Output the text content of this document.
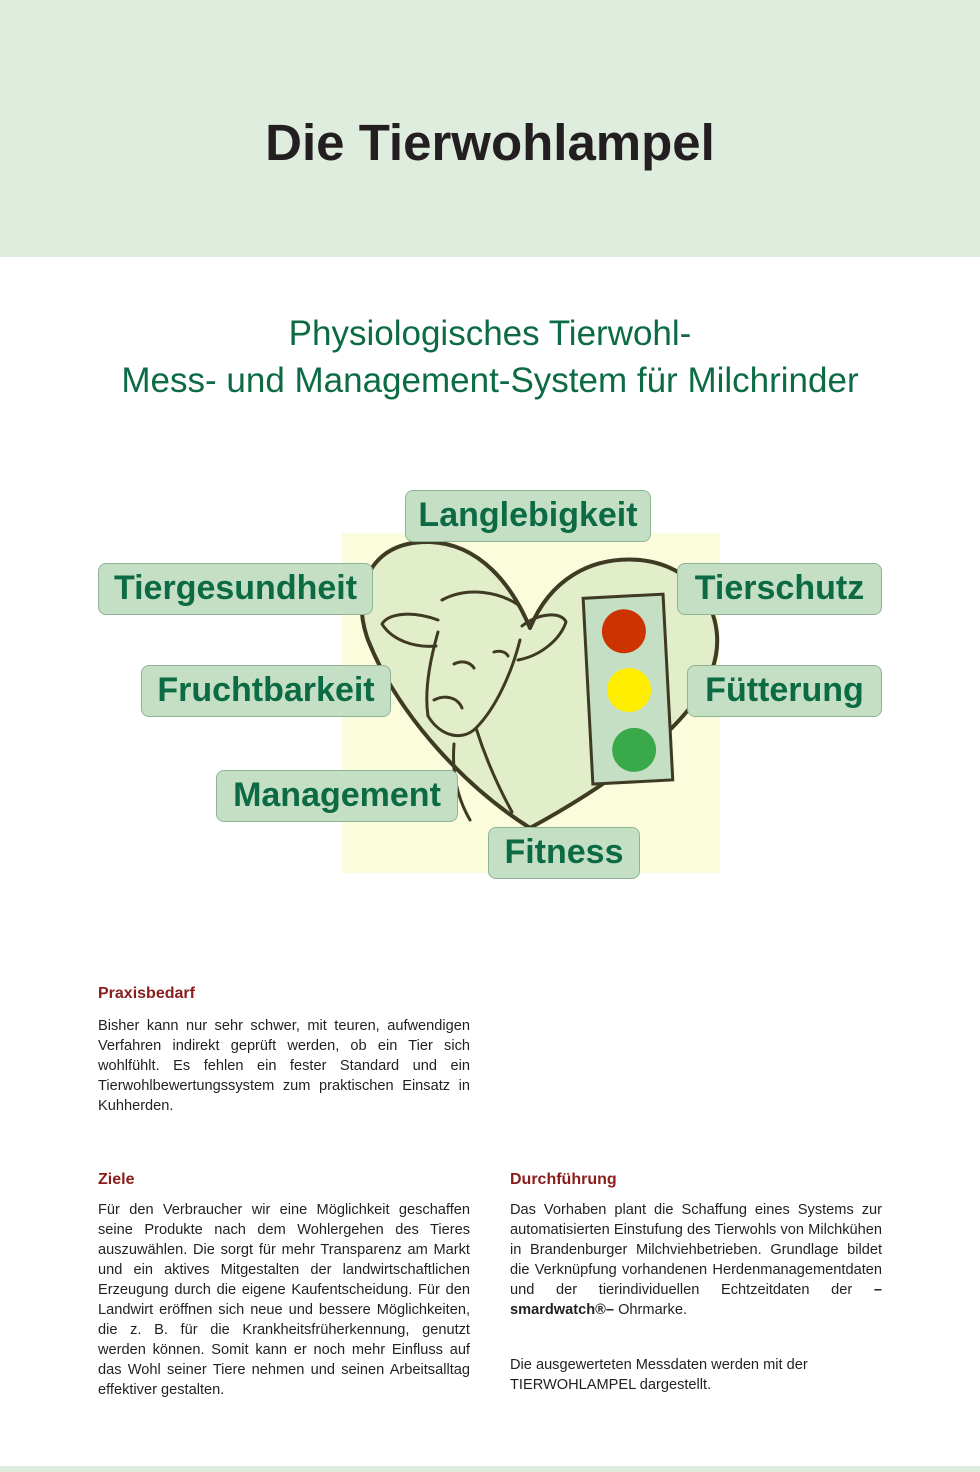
Die Tierwohlampel
Physiologisches Tierwohl-
Mess- und Management-System für Milchrinder
Langlebigkeit
Tiergesundheit	Tierschutz
Fruchtbarkeit	Fütterung
Management
Fitness
Praxisbedarf

Bisher kann nur sehr schwer, mit teuren, aufwendigen Verfahren indirekt geprüft werden, ob ein Tier sich wohlfühlt. Es fehlen ein fester Standard und ein Tierwohlbewertungssystem zum praktischen Einsatz in Kuhherden.

Ziele

Für den Verbraucher wir eine Möglichkeit geschaffen seine Produkte nach dem Wohlergehen des Tieres auszuwählen. Die sorgt für mehr Transparenz am Markt und ein aktives Mitgestalten der landwirtschaftlichen Erzeugung durch die eigene Kaufentscheidung. Für den Landwirt eröffnen sich neue und bessere Möglichkeiten, die z. B. für die Krankheitsfrüherkennung, genutzt werden können. Somit kann er noch mehr Einfluss auf das Wohl seiner Tiere nehmen und seinen Arbeitsalltag effektiver gestalten.

Durchführung

Das Vorhaben plant die Schaffung eines Systems zur automatisierten Einstufung des Tierwohls von Milchkühen in Brandenburger Milchviehbetrieben. Grundlage bildet die Verknüpfung vorhandenen Herdenmanagementdaten und der tierindividuellen Echtzeitdaten der –smardwatch®– Ohrmarke.

Die ausgewerteten Messdaten werden mit der TIERWOHLAMPEL dargestellt.
